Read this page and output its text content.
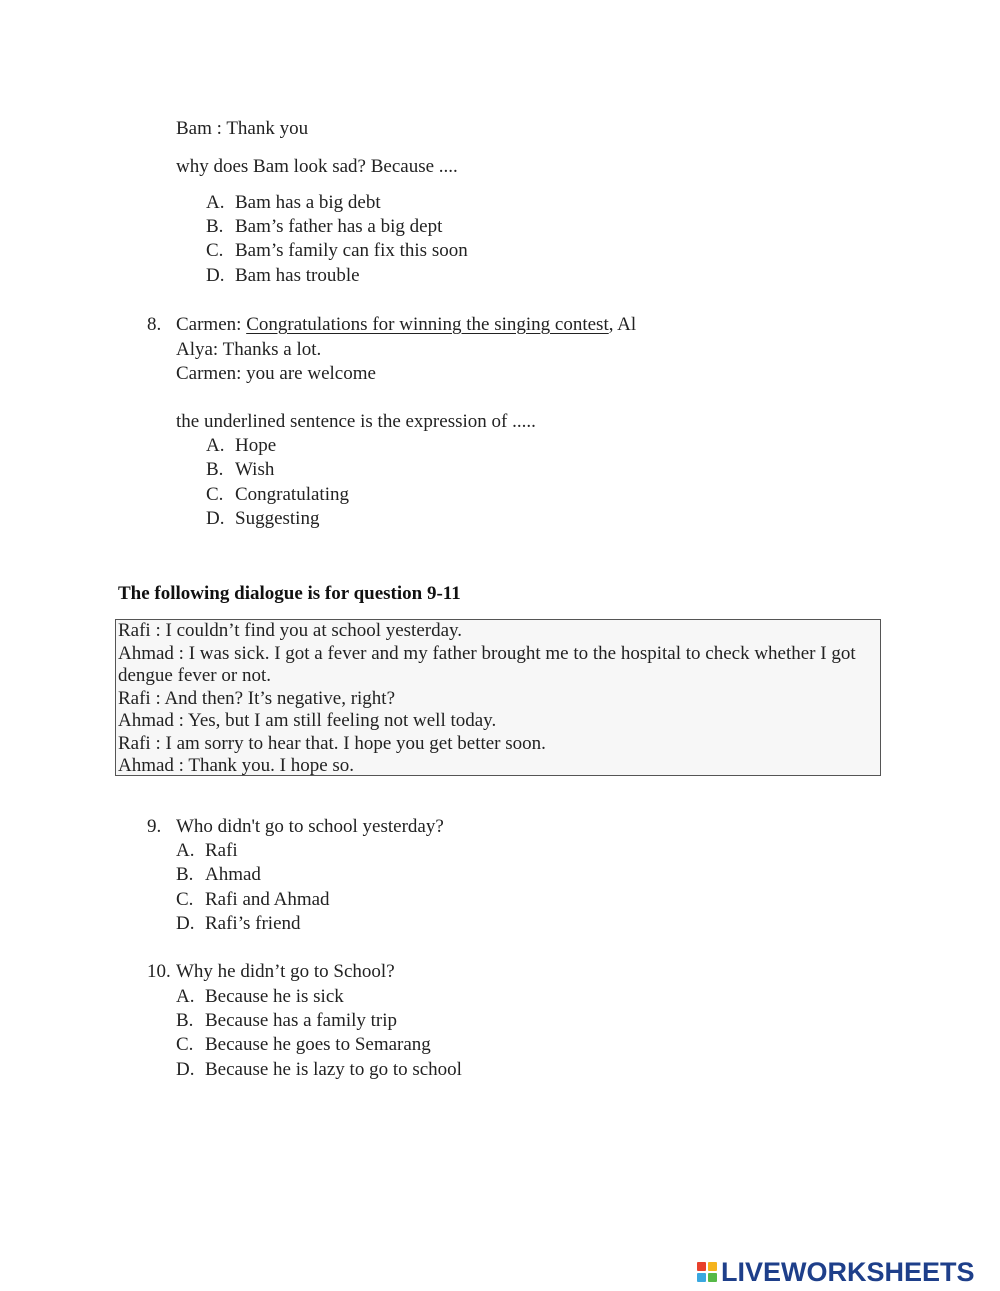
Bam : Thank you
why does Bam look sad? Because ....
A. Bam has a big debt
B. Bam’s father has a big dept
C. Bam’s family can fix this soon
D. Bam has trouble
8. Carmen: Congratulations for winning the singing contest, Al
Alya: Thanks a lot.
Carmen: you are welcome
the underlined sentence is the expression of .....
A. Hope
B. Wish
C. Congratulating
D. Suggesting
The following dialogue is for question 9-11
Rafi : I couldn’t find you at school yesterday.
Ahmad : I was sick. I got a fever and my father brought me to the hospital to check whether I got
dengue fever or not.
Rafi : And then? It’s negative, right?
Ahmad : Yes, but I am still feeling not well today.
Rafi : I am sorry to hear that. I hope you get better soon.
Ahmad : Thank you. I hope so.
9. Who didn't go to school yesterday?
A. Rafi
B. Ahmad
C. Rafi and Ahmad
D. Rafi’s friend
10. Why he didn’t go to School?
A. Because he is sick
B. Because has a family trip
C. Because he goes to Semarang
D. Because he is lazy to go to school
LIVEWORKSHEETS
